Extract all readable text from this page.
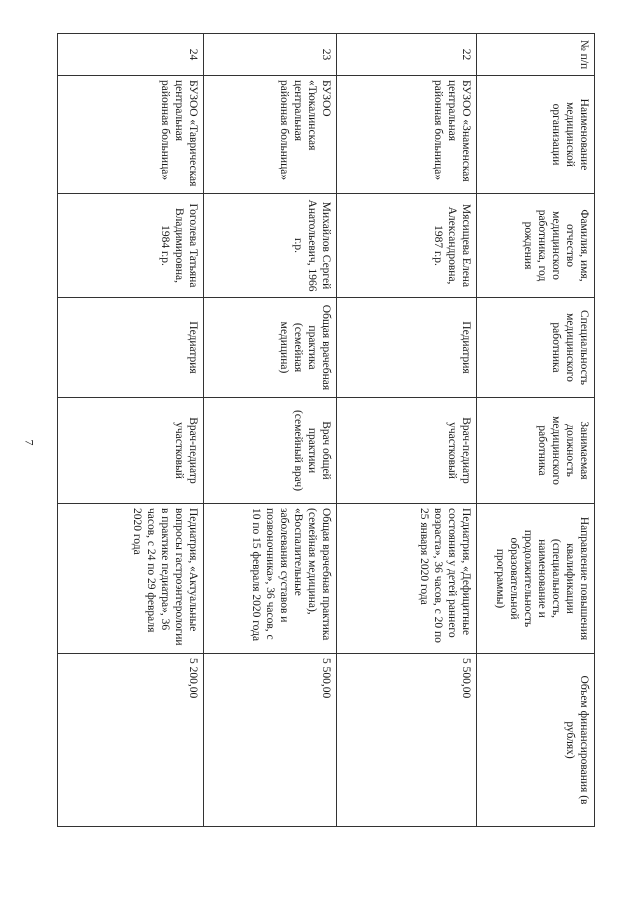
7
№ п/п	Наименование медицинской организации	Фамилия, имя, отчество медицинского работника, год рождения	Специальность медицинского работника	Занимаемая должность медицинского работника	Направление повышения квалификации (специальность, наименование и продолжительность образовательной программы)	Объем финансирования (в рублях)
22	БУЗОО «Знаменская центральная районная больница»	Мясищева Елена Александровна, 1987 г.р.	Педиатрия	Врач-педиатр участковый	Педиатрия, «Дефицитные состояния у детей раннего возраста», 36 часов, с 20 по 25 января 2020 года	5 500,00
23	БУЗОО «Тюкалинская центральная районная больница»	Михайлов Сергей Анатольевич, 1966 г.р.	Общая врачебная практика (семейная медицина)	Врач общей практики (семейный врач)	Общая врачебная практика (семейная медицина), «Воспалительные заболевания суставов и позвоночника», 36 часов, с 10 по 15 февраля 2020 года	5 500,00
24	БУЗОО «Таврическая центральная районная больница»	Гоголева Татьяна Владимировна, 1984 г.р.	Педиатрия	Врач-педиатр участковый	Педиатрия, «Актуальные вопросы гастроэнтерологии в практике педиатра», 36 часов, с 24 по 29 февраля 2020 года	5 200,00
